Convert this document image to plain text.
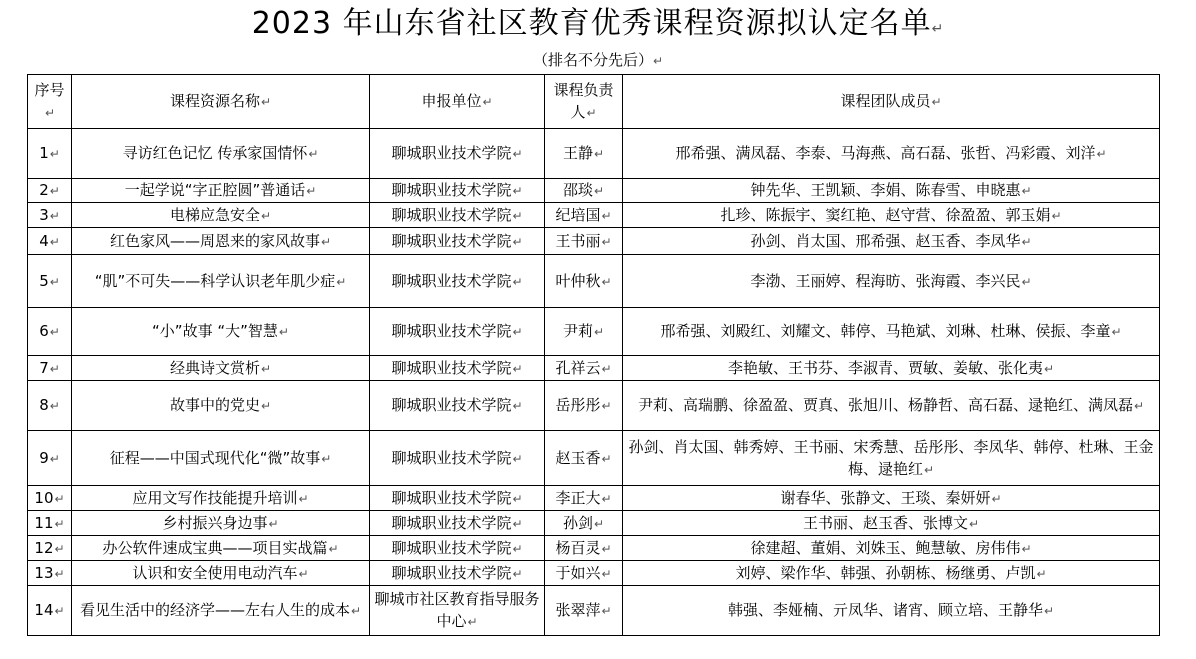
2023 年山东省社区教育优秀课程资源拟认定名单↵
（排名不分先后）↵
序号↵	课程资源名称↵	申报单位↵	课程负责人↵	课程团队成员↵
1↵	寻访红色记忆 传承家国情怀↵	聊城职业技术学院↵	王静↵	邢希强、满凤磊、李泰、马海燕、高石磊、张哲、冯彩霞、刘洋↵
2↵	一起学说“字正腔圆”普通话↵	聊城职业技术学院↵	邵琰↵	钟先华、王凯颖、李娟、陈春雪、申晓惠↵
3↵	电梯应急安全↵	聊城职业技术学院↵	纪培国↵	扎珍、陈振宇、窦红艳、赵守营、徐盈盈、郭玉娟↵
4↵	红色家风——周恩来的家风故事↵	聊城职业技术学院↵	王书丽↵	孙剑、肖太国、邢希强、赵玉香、李凤华↵
5↵	“肌”不可失——科学认识老年肌少症↵	聊城职业技术学院↵	叶仲秋↵	李渤、王丽婷、程海昉、张海霞、李兴民↵
6↵	“小”故事 “大”智慧↵	聊城职业技术学院↵	尹莉↵	邢希强、刘殿红、刘耀文、韩停、马艳斌、刘琳、杜琳、侯振、李童↵
7↵	经典诗文赏析↵	聊城职业技术学院↵	孔祥云↵	李艳敏、王书芬、李淑青、贾敏、姜敏、张化夷↵
8↵	故事中的党史↵	聊城职业技术学院↵	岳彤彤↵	尹莉、高瑞鹏、徐盈盈、贾真、张旭川、杨静哲、高石磊、逯艳红、满凤磊↵
9↵	征程——中国式现代化“微”故事↵	聊城职业技术学院↵	赵玉香↵	孙剑、肖太国、韩秀婷、王书丽、宋秀慧、岳彤彤、李凤华、韩停、杜琳、王金梅、逯艳红↵
10↵	应用文写作技能提升培训↵	聊城职业技术学院↵	李正大↵	谢春华、张静文、王琰、秦妍妍↵
11↵	乡村振兴身边事↵	聊城职业技术学院↵	孙剑↵	王书丽、赵玉香、张博文↵
12↵	办公软件速成宝典——项目实战篇↵	聊城职业技术学院↵	杨百灵↵	徐建超、董娟、刘姝玉、鲍慧敏、房伟伟↵
13↵	认识和安全使用电动汽车↵	聊城职业技术学院↵	于如兴↵	刘婷、梁作华、韩强、孙朝栋、杨继勇、卢凯↵
14↵	看见生活中的经济学——左右人生的成本↵	聊城市社区教育指导服务中心↵	张翠萍↵	韩强、李娅楠、亓凤华、诸宵、顾立培、王静华↵
